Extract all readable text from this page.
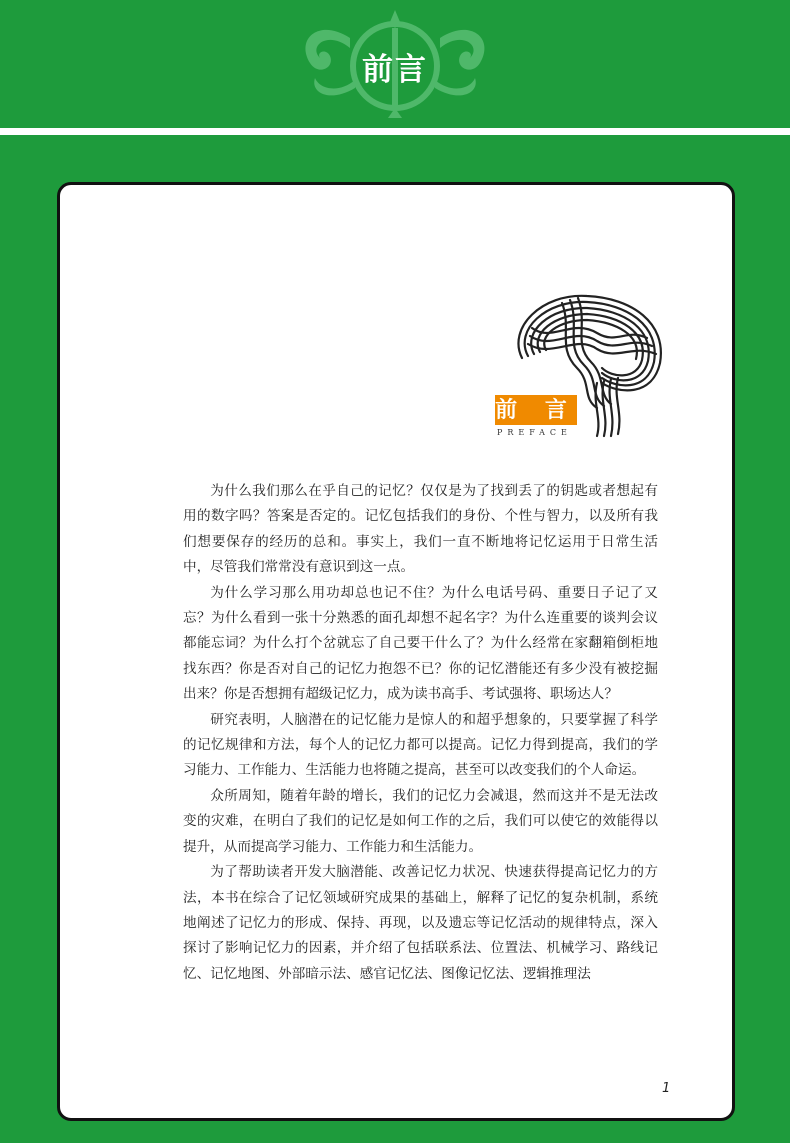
前言
前 言
PREFACE

为什么我们那么在乎自己的记忆？仅仅是为了找到丢了的钥匙或者想起有用的数字吗？答案是否定的。记忆包括我们的身份、个性与智力，以及所有我们想要保存的经历的总和。事实上，我们一直不断地将记忆运用于日常生活中，尽管我们常常没有意识到这一点。

为什么学习那么用功却总也记不住？为什么电话号码、重要日子记了又忘？为什么看到一张十分熟悉的面孔却想不起名字？为什么连重要的谈判会议都能忘词？为什么打个岔就忘了自己要干什么了？为什么经常在家翻箱倒柜地找东西？你是否对自己的记忆力抱怨不已？你的记忆潜能还有多少没有被挖掘出来？你是否想拥有超级记忆力，成为读书高手、考试强将、职场达人？

研究表明，人脑潜在的记忆能力是惊人的和超乎想象的，只要掌握了科学的记忆规律和方法，每个人的记忆力都可以提高。记忆力得到提高，我们的学习能力、工作能力、生活能力也将随之提高，甚至可以改变我们的个人命运。

众所周知，随着年龄的增长，我们的记忆力会减退，然而这并不是无法改变的灾难，在明白了我们的记忆是如何工作的之后，我们可以使它的效能得以提升，从而提高学习能力、工作能力和生活能力。

为了帮助读者开发大脑潜能、改善记忆力状况、快速获得提高记忆力的方法，本书在综合了记忆领域研究成果的基础上，解释了记忆的复杂机制，系统地阐述了记忆力的形成、保持、再现，以及遗忘等记忆活动的规律特点，深入探讨了影响记忆力的因素，并介绍了包括联系法、位置法、机械学习、路线记忆、记忆地图、外部暗示法、感官记忆法、图像记忆法、逻辑推理法

1
